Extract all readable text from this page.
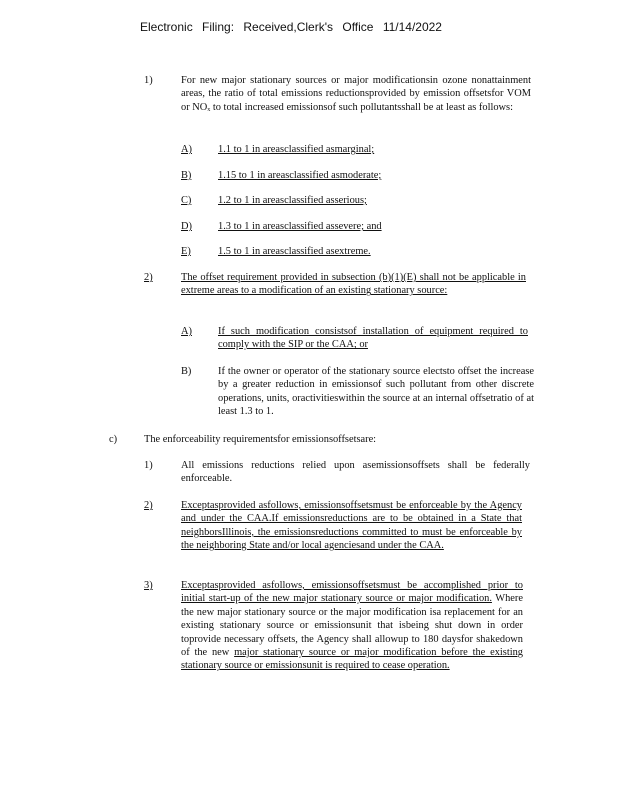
Electronic Filing: Received,Clerk's Office 11/14/2022
1)	For new major stationary sources or major modificationsin ozone nonattainment areas, the ratio of total emissions reductionsprovided by emission offsetsfor VOM or NOₓ to total increased emissionsof such pollutantsshall be at least as follows:
A)	1.1 to 1 in areasclassified asmarginal;
B)	1.15 to 1 in areasclassified asmoderate;
C)	1.2 to 1 in areasclassified asserious;
D)	1.3 to 1 in areasclassified assevere; and
E)	1.5 to 1 in areasclassified asextreme.
2)	The offset requirement provided in subsection (b)(1)(E) shall not be applicable in extreme areas to a modification of an existing stationary source:
A)	If such modification consistsof installation of equipment required to comply with the SIP or the CAA; or
B)	If the owner or operator of the stationary source electsto offset the increase by a greater reduction in emissionsof such pollutant from other discrete operations, units, oractivitieswithin the source at an internal offsetratio of at least 1.3 to 1.
c)	The enforceability requirementsfor emissionsoffsetsare:
1)	All emissions reductions relied upon asemissionsoffsets shall be federally enforceable.
2)	Exceptasprovided asfollows, emissionsoffsetsmust be enforceable by the Agency and under the CAA.If emissionsreductions are to be obtained in a State that neighborsIllinois, the emissionsreductions committed to must be enforceable by the neighboring State and/or local agenciesand under the CAA.
3)	Exceptasprovided asfollows, emissionsoffsetsmust be accomplished prior to initial start-up of the new major stationary source or major modification. Where the new major stationary source or the major modification isa replacement for an existing stationary source or emissionsunit that isbeing shut down in order toprovide necessary offsets, the Agency shall allowup to 180 daysfor shakedown of the new major stationary source or major modification before the existing stationary source or emissionsunit is required to cease operation.
